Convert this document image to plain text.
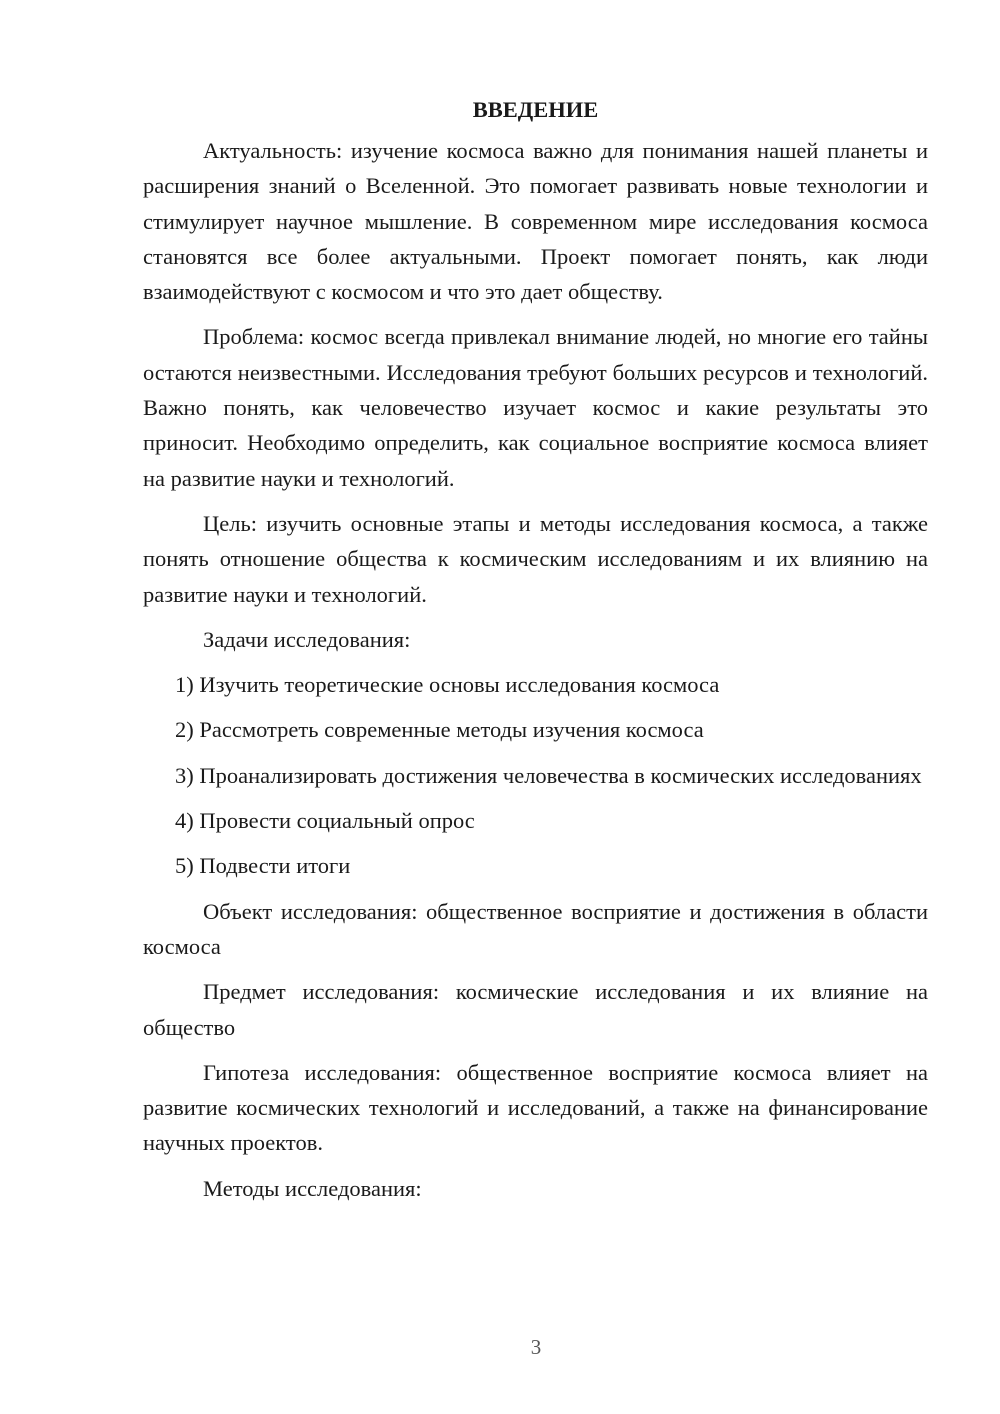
ВВЕДЕНИЕ

Актуальность: изучение космоса важно для понимания нашей планеты и расширения знаний о Вселенной. Это помогает развивать новые технологии и стимулирует научное мышление. В современном мире исследования космоса становятся все более актуальными. Проект помогает понять, как люди взаимодействуют с космосом и что это дает обществу.

Проблема: космос всегда привлекал внимание людей, но многие его тайны остаются неизвестными. Исследования требуют больших ресурсов и технологий. Важно понять, как человечество изучает космос и какие результаты это приносит. Необходимо определить, как социальное восприятие космоса влияет на развитие науки и технологий.

Цель: изучить основные этапы и методы исследования космоса, а также понять отношение общества к космическим исследованиям и их влиянию на развитие науки и технологий.

Задачи исследования:

1) Изучить теоретические основы исследования космоса

2) Рассмотреть современные методы изучения космоса

3) Проанализировать достижения человечества в космических исследованиях

4) Провести социальный опрос

5) Подвести итоги

Объект исследования: общественное восприятие и достижения в области космоса

Предмет исследования: космические исследования и их влияние на общество

Гипотеза исследования: общественное восприятие космоса влияет на развитие космических технологий и исследований, а также на финансирование научных проектов.

Методы исследования:

3
